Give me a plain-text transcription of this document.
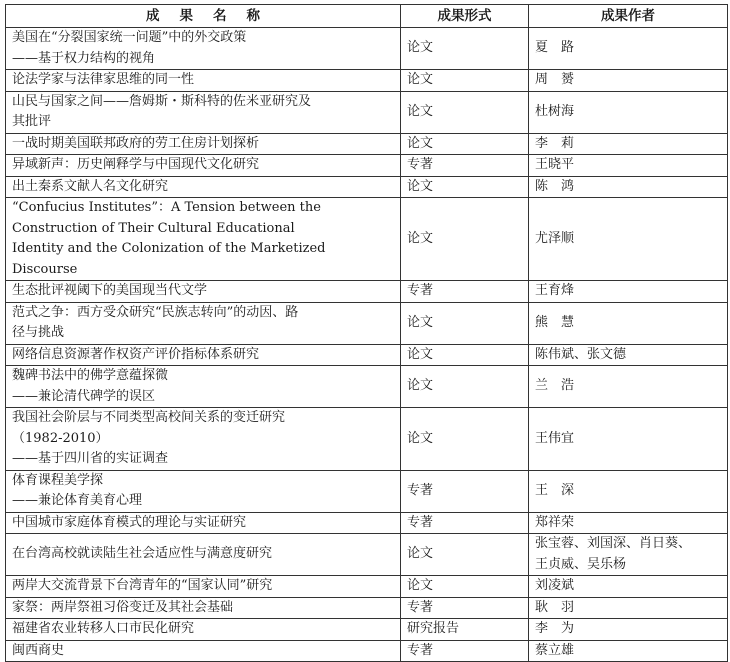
成果名称	成果形式	成果作者

美国在“分裂国家统一问题”中的外交政策
——基于权力结构的视角	论文	夏　路

论法学家与法律家思维的同一性	论文	周　赟

山民与国家之间——詹姆斯・斯科特的佐米亚研究及
其批评	论文	杜树海

一战时期美国联邦政府的劳工住房计划探析	论文	李　莉

异域新声：历史阐释学与中国现代文化研究	专著	王晓平

出土秦系文献人名文化研究	论文	陈　鸿

“Confucius Institutes”：A Tension between the
Construction of Their Cultural Educational
Identity and the Colonization of the Marketized
Discourse	论文	尤泽顺

生态批评视阈下的美国现当代文学	专著	王育烽

范式之争：西方受众研究“民族志转向”的动因、路
径与挑战	论文	熊　慧

网络信息资源著作权资产评价指标体系研究	论文	陈伟斌、张文德

魏碑书法中的佛学意蕴探微
——兼论清代碑学的误区	论文	兰　浩

我国社会阶层与不同类型高校间关系的变迁研究
（1982-2010）
——基于四川省的实证调查	论文	王伟宜

体育课程美学探
——兼论体育美育心理	专著	王　深

中国城市家庭体育模式的理论与实证研究	专著	郑祥荣

在台湾高校就读陆生社会适应性与满意度研究	论文	张宝蓉、刘国深、肖日葵、
王贞威、吴乐杨

两岸大交流背景下台湾青年的“国家认同”研究	论文	刘凌斌

家祭：两岸祭祖习俗变迁及其社会基础	专著	耿　羽

福建省农业转移人口市民化研究	研究报告	李　为

闽西商史	专著	蔡立雄
